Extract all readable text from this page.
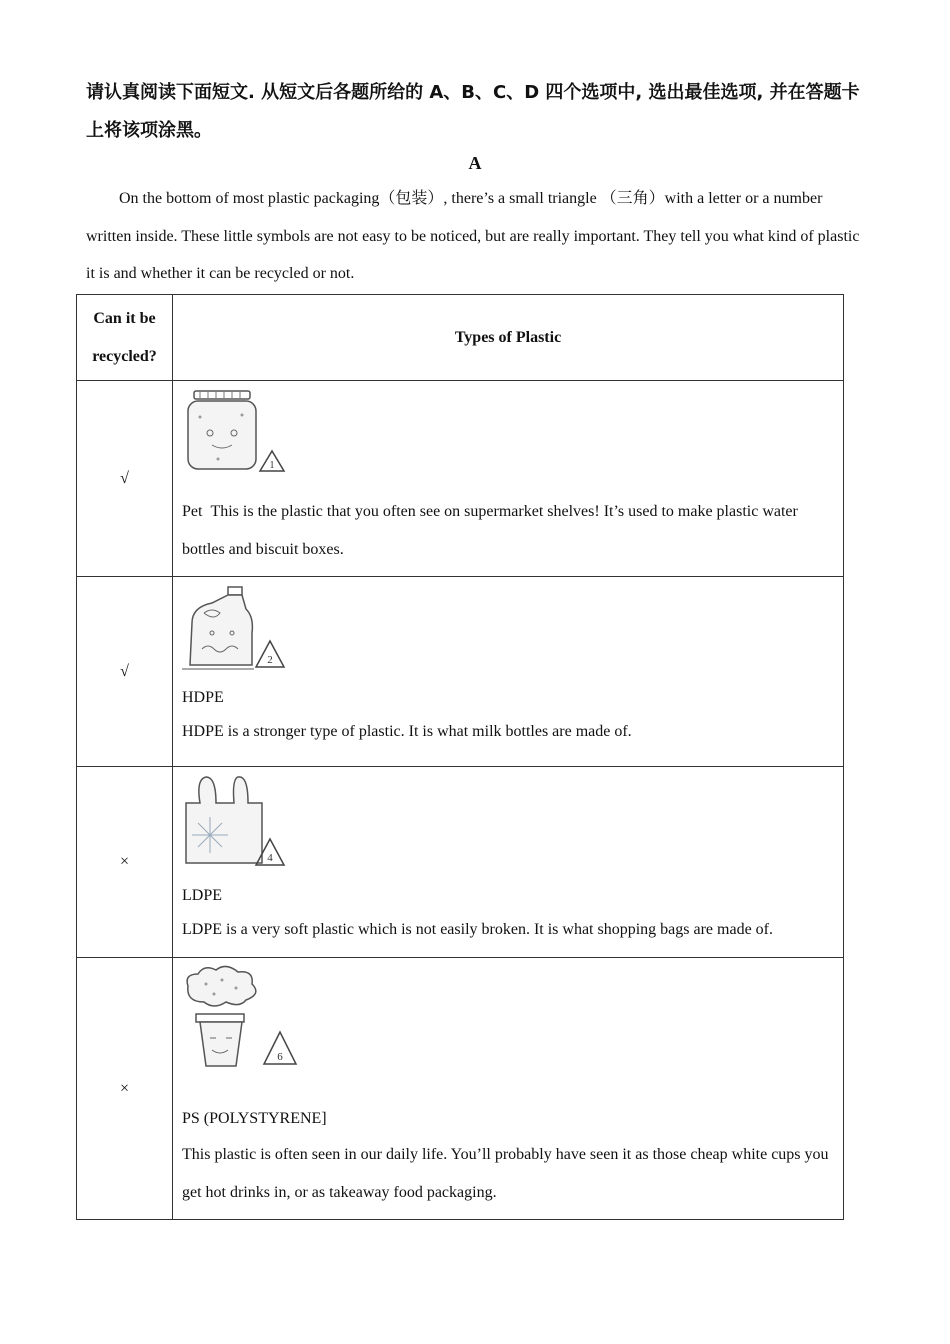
请认真阅读下面短文. 从短文后各题所给的 A、B、C、D 四个选项中, 选出最佳选项, 并在答题卡上将该项涂黑。
A
On the bottom of most plastic packaging（包装）, there’s a small triangle （三角）with a letter or a number written inside. These little symbols are not easy to be noticed, but are really important. They tell you what kind of plastic it is and whether it can be recycled or not.
Can it be recycled?	Types of Plastic
√	1
Pet This is the plastic that you often see on supermarket shelves! It’s used to make plastic water bottles and biscuit boxes.

√	2
HDPE
HDPE is a stronger type of plastic. It is what milk bottles are made of.

×	4
LDPE
LDPE is a very soft plastic which is not easily broken. It is what shopping bags are made of.

×	6
PS (POLYSTYRENE]
This plastic is often seen in our daily life. You’ll probably have seen it as those cheap white cups you get hot drinks in, or as takeaway food packaging.
